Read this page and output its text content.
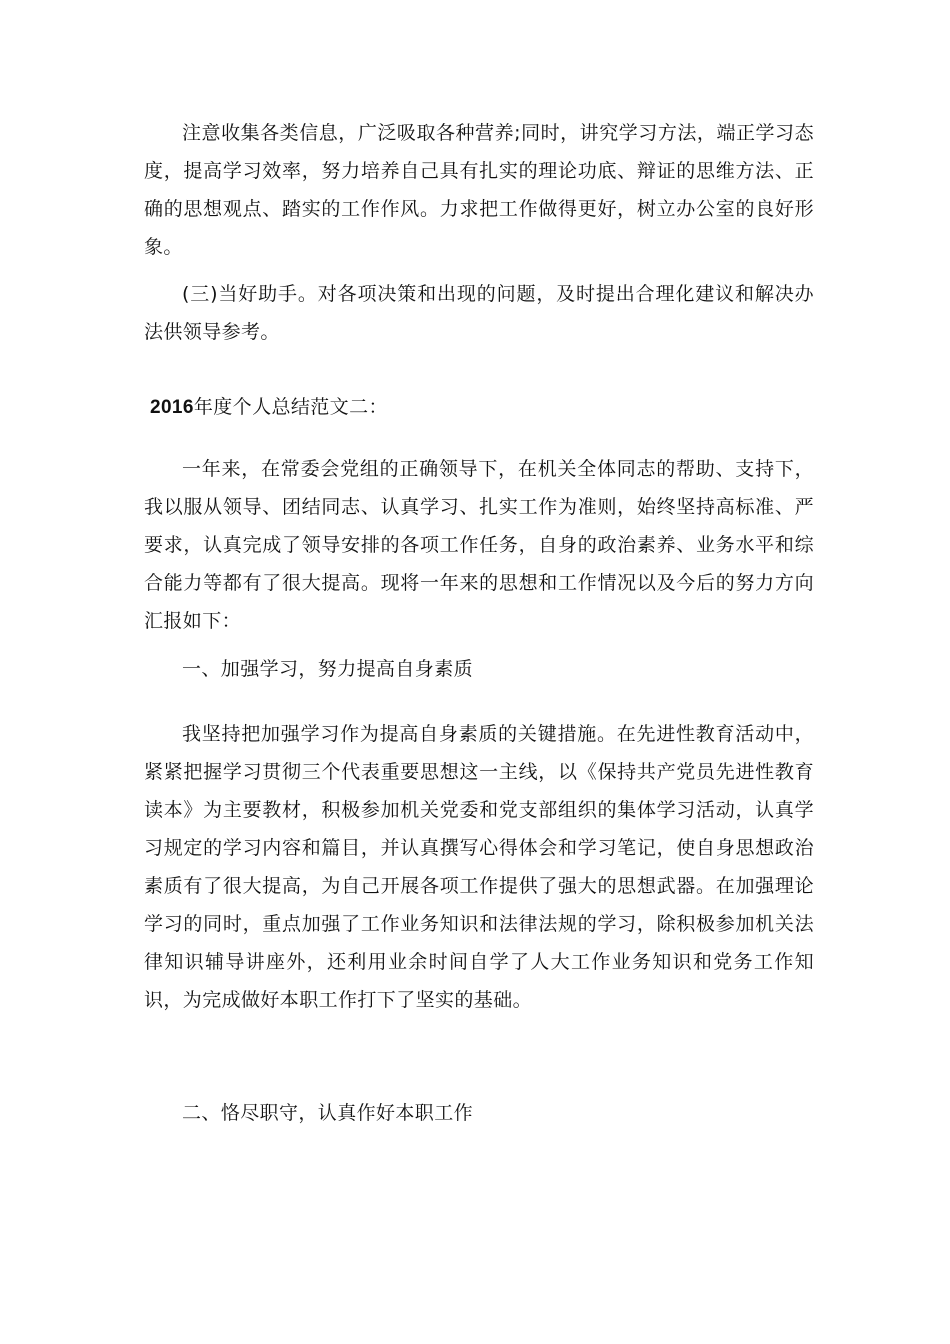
注意收集各类信息，广泛吸取各种营养;同时，讲究学习方法，端正学习态度，提高学习效率，努力培养自己具有扎实的理论功底、辩证的思维方法、正确的思想观点、踏实的工作作风。力求把工作做得更好，树立办公室的良好形象。

(三)当好助手。对各项决策和出现的问题，及时提出合理化建议和解决办法供领导参考。

2016年度个人总结范文二：

一年来，在常委会党组的正确领导下，在机关全体同志的帮助、支持下，我以服从领导、团结同志、认真学习、扎实工作为准则，始终坚持高标准、严要求，认真完成了领导安排的各项工作任务，自身的政治素养、业务水平和综合能力等都有了很大提高。现将一年来的思想和工作情况以及今后的努力方向汇报如下：

一、加强学习，努力提高自身素质

我坚持把加强学习作为提高自身素质的关键措施。在先进性教育活动中，紧紧把握学习贯彻三个代表重要思想这一主线，以《保持共产党员先进性教育读本》为主要教材，积极参加机关党委和党支部组织的集体学习活动，认真学习规定的学习内容和篇目，并认真撰写心得体会和学习笔记，使自身思想政治素质有了很大提高，为自己开展各项工作提供了强大的思想武器。在加强理论学习的同时，重点加强了工作业务知识和法律法规的学习，除积极参加机关法律知识辅导讲座外，还利用业余时间自学了人大工作业务知识和党务工作知识，为完成做好本职工作打下了坚实的基础。

二、恪尽职守，认真作好本职工作
